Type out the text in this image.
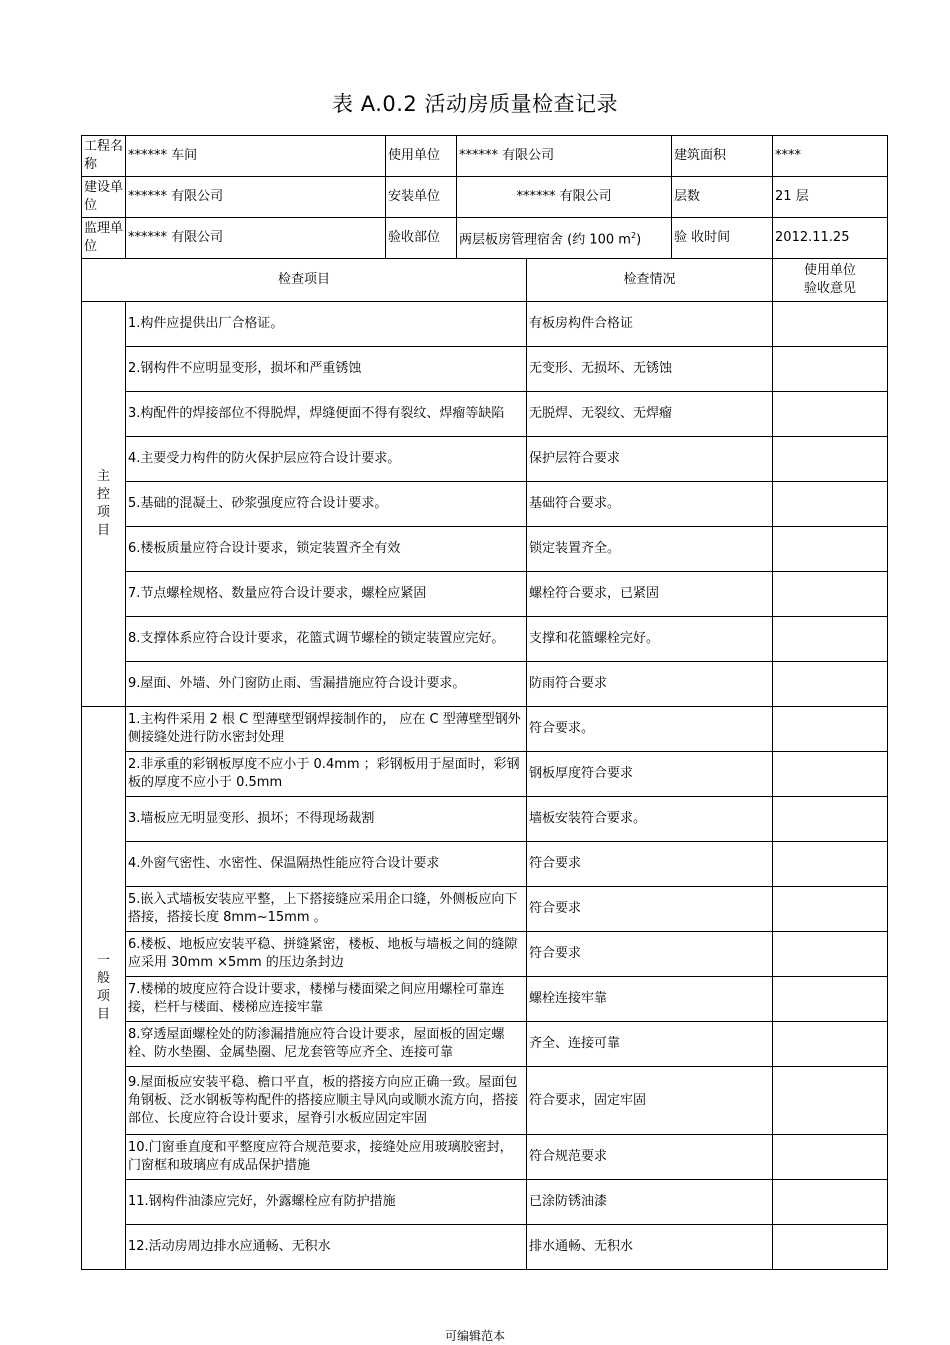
表 A.0.2 活动房质量检查记录
工程名称	****** 车间	使用单位	****** 有限公司		建筑面积	****
建设单位	****** 有限公司	安装单位	****** 有限公司		层数	21 层
监理单位	****** 有限公司	验收部位	两层板房管理宿舍 (约 100 $m^2$)		验 收时间	2012.11.25
检查项目				检查情况		使用单位
验收意见

主
控
项
目	1.构件应提供出厂合格证。			有板房构件合格证		
	2.钢构件不应明显变形，损坏和严重锈蚀			无变形、无损坏、无锈蚀		
	3.构配件的焊接部位不得脱焊，焊缝便面不得有裂纹、焊瘤等缺陷			无脱焊、无裂纹、无焊瘤		
	4.主要受力构件的防火保护层应符合设计要求。			保护层符合要求		
	5.基础的混凝土、砂浆强度应符合设计要求。			基础符合要求。		
	6.楼板质量应符合设计要求，锁定装置齐全有效			锁定装置齐全。		
	7.节点螺栓规格、数量应符合设计要求，螺栓应紧固			螺栓符合要求，已紧固		
	8.支撑体系应符合设计要求，花篮式调节螺栓的锁定装置应完好。			支撑和花篮螺栓完好。		
	9.屋面、外墙、外门窗防止雨、雪漏措施应符合设计要求。			防雨符合要求		

一
般
项
目	1.主构件采用 2 根 C 型薄壁型钢焊接制作的， 应在 C 型薄壁型钢外侧接缝处进行防水密封处理			符合要求。		
	2.非承重的彩钢板厚度不应小于 0.4mm ；彩钢板用于屋面时，彩钢板的厚度不应小于 0.5mm			钢板厚度符合要求		
	3.墙板应无明显变形、损坏；不得现场裁割			墙板安装符合要求。		
	4.外窗气密性、水密性、保温隔热性能应符合设计要求			符合要求		
	5.嵌入式墙板安装应平整，上下搭接缝应采用企口缝，外侧板应向下搭接，搭接长度 8mm~15mm 。			符合要求		
	6.楼板、地板应安装平稳、拼缝紧密，楼板、地板与墙板之间的缝隙应采用 30mm ×5mm 的压边条封边			符合要求		
	7.楼梯的坡度应符合设计要求，楼梯与楼面梁之间应用螺栓可靠连接，栏杆与楼面、楼梯应连接牢靠			螺栓连接牢靠		
	8.穿透屋面螺栓处的防渗漏措施应符合设计要求，屋面板的固定螺栓、防水垫圈、金属垫圈、尼龙套管等应齐全、连接可靠			齐全、连接可靠		
	9.屋面板应安装平稳、檐口平直，板的搭接方向应正确一致。屋面包角钢板、泛水钢板等构配件的搭接应顺主导风向或顺水流方向，搭接部位、长度应符合设计要求，屋脊引水板应固定牢固			符合要求，固定牢固		
	10.门窗垂直度和平整度应符合规范要求，接缝处应用玻璃胶密封，门窗框和玻璃应有成品保护措施			符合规范要求		
	11.钢构件油漆应完好，外露螺栓应有防护措施			已涂防锈油漆		
	12.活动房周边排水应通畅、无积水			排水通畅、无积水		
可编辑范本
